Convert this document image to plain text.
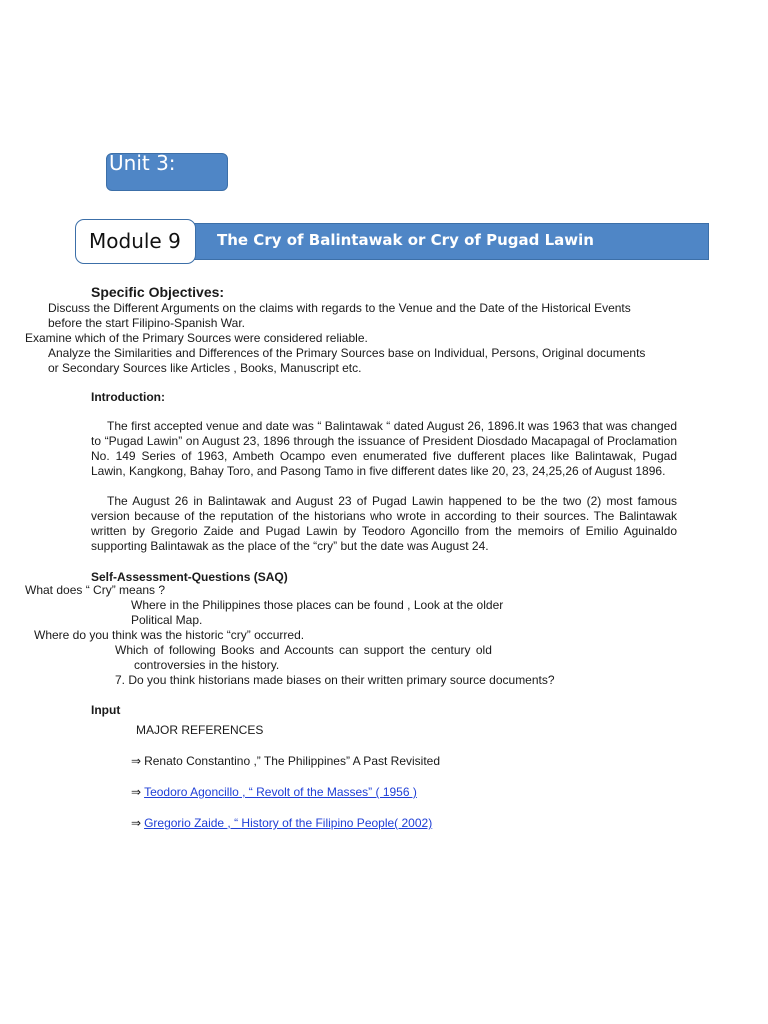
Unit 3:
The Cry of Balintawak or Cry of Pugad Lawin
Module 9
Specific Objectives:
Discuss the Different Arguments on the claims with regards to the Venue and the Date of the Historical Events
before the start Filipino-Spanish War.
Examine which of the Primary Sources were considered reliable.
Analyze the Similarities and Differences of the Primary Sources base on Individual, Persons, Original documents
or Secondary Sources like Articles , Books, Manuscript etc.
Introduction:
The first accepted venue and date was “ Balintawak “ dated August 26, 1896.It was 1963 that was changed to “Pugad Lawin” on August 23, 1896 through the issuance of President Diosdado Macapagal of Proclamation No. 149 Series of 1963, Ambeth Ocampo even enumerated five dufferent places like Balintawak, Pugad Lawin, Kangkong, Bahay Toro, and Pasong Tamo in five different dates like 20, 23, 24,25,26 of August 1896.
The August 26 in Balintawak and August 23 of Pugad Lawin happened to be the two (2) most famous version because of the reputation of the historians who wrote in according to their sources. The Balintawak written by Gregorio Zaide and Pugad Lawin by Teodoro Agoncillo from the memoirs of Emilio Aguinaldo supporting Balintawak as the place of the “cry” but the date was August 24.
Self-Assessment-Questions (SAQ)
What does “ Cry” means ?
Where in the Philippines those places can be found , Look at the older
Political Map.
Where do you think was the historic “cry” occurred.
Which of following Books and Accounts can support the century old
controversies in the history.
7. Do you think historians made biases on their written primary source documents?
Input
MAJOR REFERENCES
⇒ Renato Constantino ,” The Philippines” A Past Revisited
⇒ Teodoro Agoncillo , “ Revolt of the Masses” ( 1956 )
⇒ Gregorio Zaide , “ History of the Filipino People( 2002)
